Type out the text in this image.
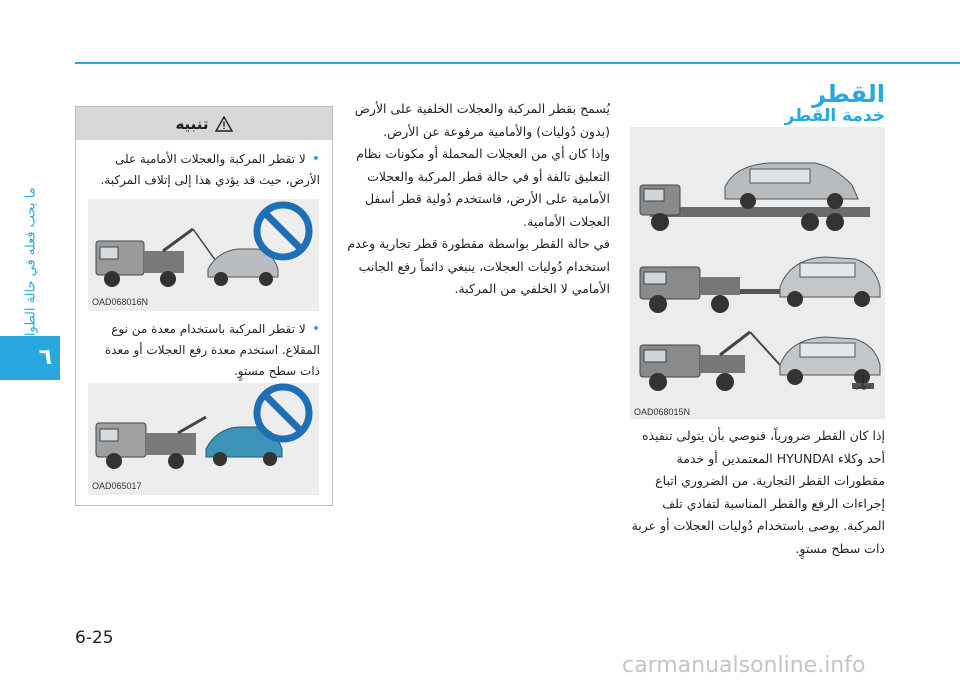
٦
ما يجب فعله في حالة الطوارئ
القطر
خدمة القطر
دولي
OAD068015N
إذا كان القطر ضرورياً، فنوصي بأن يتولى تنفيذه أحد وكلاء HYUNDAI المعتمدين أو خدمة مقطورات القطر التجارية. من الضروري اتباع إجراءات الرفع والقطر المناسبة لتفادي تلف المركبة. يوصى باستخدام دُوليات العجلات أو عربة ذات سطح مستوٍ.
يُسمح بقطر المركبة والعجلات الخلفية على الأرض (بدون دُوليات) والأمامية مرفوعة عن الأرض.
وإذا كان أي من العجلات المحملة أو مكونات نظام التعليق تالفة أو في حالة قطر المركبة والعجلات الأمامية على الأرض، فاستخدم دُولية قطر أسفل العجلات الأمامية.
في حالة القطر بواسطة مقطورة قطر تجارية وعدم استخدام دُوليات العجلات، ينبغي دائماً رفع الجانب الأمامي لا الخلفي من المركبة.
تنبيه
•لا تقطر المركبة والعجلات الأمامية على الأرض، حيث قد يؤدي هذا إلى إتلاف المركبة.
OAD068016N
•لا تقطر المركبة باستخدام معدة من نوع المقلاع. استخدم معدة رفع العجلات أو معدة ذات سطح مستوٍ.
OAD065017
6-25
carmanualsonline.info
